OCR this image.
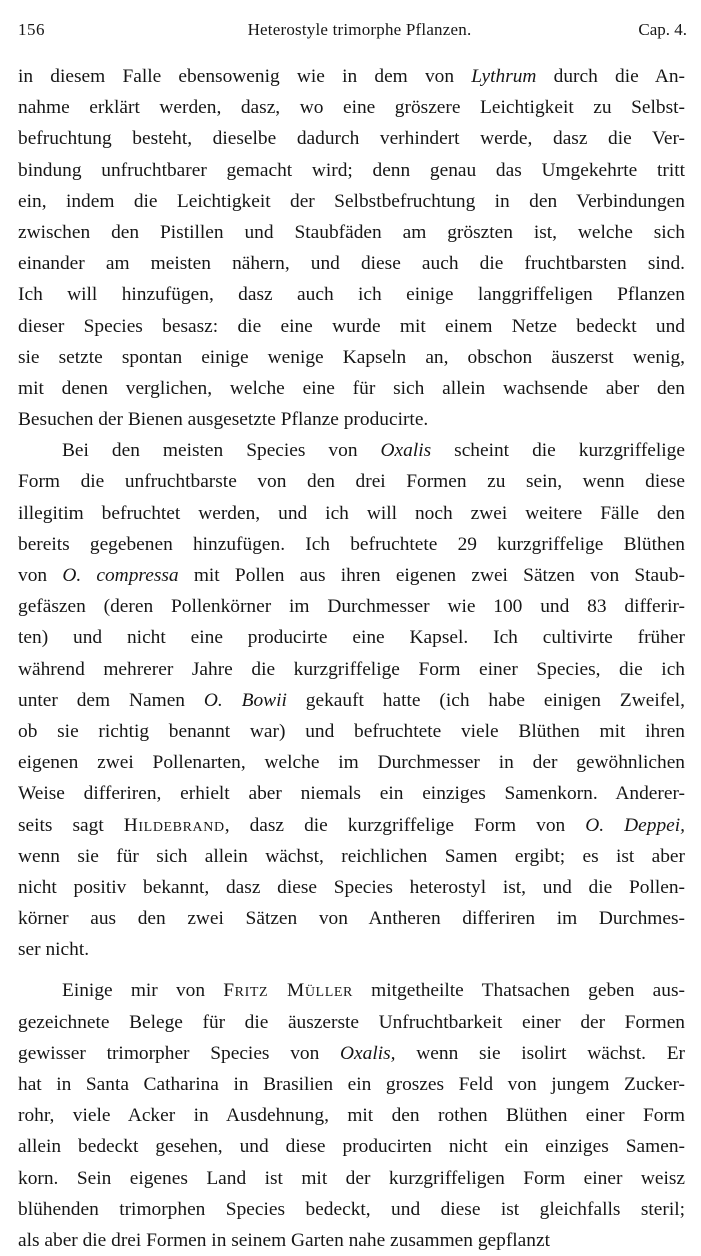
156	Heterostyle trimorphe Pflanzen.	Cap. 4.
in diesem Falle ebensowenig wie in dem von Lythrum durch die An-
nahme erklärt werden, dasz, wo eine gröszere Leichtigkeit zu Selbst-
befruchtung besteht, dieselbe dadurch verhindert werde, dasz die Ver-
bindung unfruchtbarer gemacht wird; denn genau das Umgekehrte tritt
ein, indem die Leichtigkeit der Selbstbefruchtung in den Verbindungen
zwischen den Pistillen und Staubfäden am gröszten ist, welche sich
einander am meisten nähern, und diese auch die fruchtbarsten sind.
Ich will hinzufügen, dasz auch ich einige langgriffeligen Pflanzen
dieser Species besasz: die eine wurde mit einem Netze bedeckt und
sie setzte spontan einige wenige Kapseln an, obschon äuszerst wenig,
mit denen verglichen, welche eine für sich allein wachsende aber den
Besuchen der Bienen ausgesetzte Pflanze producirte.
Bei den meisten Species von Oxalis scheint die kurzgriffelige
Form die unfruchtbarste von den drei Formen zu sein, wenn diese
illegitim befruchtet werden, und ich will noch zwei weitere Fälle den
bereits gegebenen hinzufügen. Ich befruchtete 29 kurzgriffelige Blüthen
von O. compressa mit Pollen aus ihren eigenen zwei Sätzen von Staub-
gefäszen (deren Pollenkörner im Durchmesser wie 100 und 83 differir-
ten) und nicht eine producirte eine Kapsel. Ich cultivirte früher
während mehrerer Jahre die kurzgriffelige Form einer Species, die ich
unter dem Namen O. Bowii gekauft hatte (ich habe einigen Zweifel,
ob sie richtig benannt war) und befruchtete viele Blüthen mit ihren
eigenen zwei Pollenarten, welche im Durchmesser in der gewöhnlichen
Weise differiren, erhielt aber niemals ein einziges Samenkorn. Anderer-
seits sagt Hildebrand, dasz die kurzgriffelige Form von O. Deppei,
wenn sie für sich allein wächst, reichlichen Samen ergibt; es ist aber
nicht positiv bekannt, dasz diese Species heterostyl ist, und die Pollen-
körner aus den zwei Sätzen von Antheren differiren im Durchmes-
ser nicht.
Einige mir von Fritz Müller mitgetheilte Thatsachen geben aus-
gezeichnete Belege für die äuszerste Unfruchtbarkeit einer der Formen
gewisser trimorpher Species von Oxalis, wenn sie isolirt wächst. Er
hat in Santa Catharina in Brasilien ein groszes Feld von jungem Zucker-
rohr, viele Acker in Ausdehnung, mit den rothen Blüthen einer Form
allein bedeckt gesehen, und diese producirten nicht ein einziges Samen-
korn. Sein eigenes Land ist mit der kurzgriffeligen Form einer weisz
blühenden trimorphen Species bedeckt, und diese ist gleichfalls steril;
als aber die drei Formen in seinem Garten nahe zusammen gepflanzt
